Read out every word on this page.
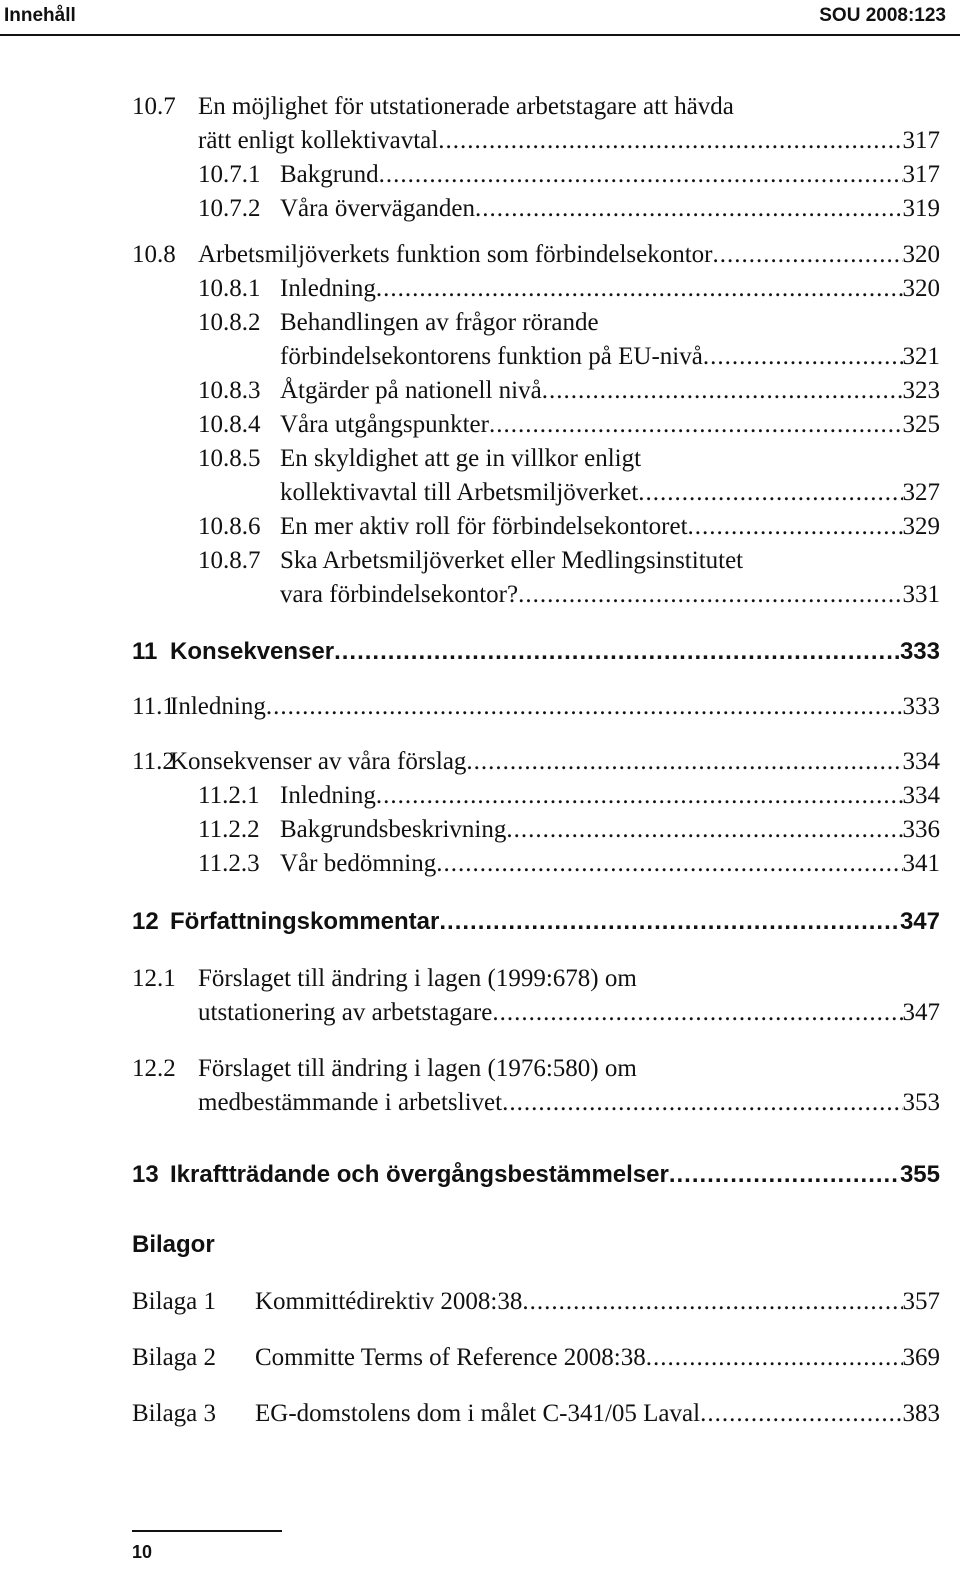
Innehåll	SOU 2008:123
10.7 En möjlighet för utstationerade arbetstagare att hävda
rätt enligt kollektivavtal .....	317
10.7.1 Bakgrund .....	317
10.7.2 Våra överväganden .....	319
10.8 Arbetsmiljöverkets funktion som förbindelsekontor .....	320
10.8.1 Inledning .....	320
10.8.2 Behandlingen av frågor rörande
förbindelsekontorens funktion på EU-nivå .....	321
10.8.3 Åtgärder på nationell nivå .....	323
10.8.4 Våra utgångspunkter .....	325
10.8.5 En skyldighet att ge in villkor enligt
kollektivavtal till Arbetsmiljöverket .....	327
10.8.6 En mer aktiv roll för förbindelsekontoret .....	329
10.8.7 Ska Arbetsmiljöverket eller Medlingsinstitutet
vara förbindelsekontor? .....	331
11 Konsekvenser .....	333
11.1
Inledning .....	333
11.2
Konsekvenser av våra förslag .....	334
11.2.1 Inledning .....	334
11.2.2 Bakgrundsbeskrivning .....	336
11.2.3 Vår bedömning .....	341
12 Författningskommentar .....	347
12.1 Förslaget till ändring i lagen (1999:678) om
utstationering av arbetstagare .....	347
12.2 Förslaget till ändring i lagen (1976:580) om
medbestämmande i arbetslivet .....	353
13 Ikraftträdande och övergångsbestämmelser .....	355
Bilagor
Bilaga 1 Kommittédirektiv 2008:38 .....	357
Bilaga 2 Committe Terms of Reference 2008:38 .....	369
Bilaga 3 EG-domstolens dom i målet C-341/05 Laval .....	383
10
